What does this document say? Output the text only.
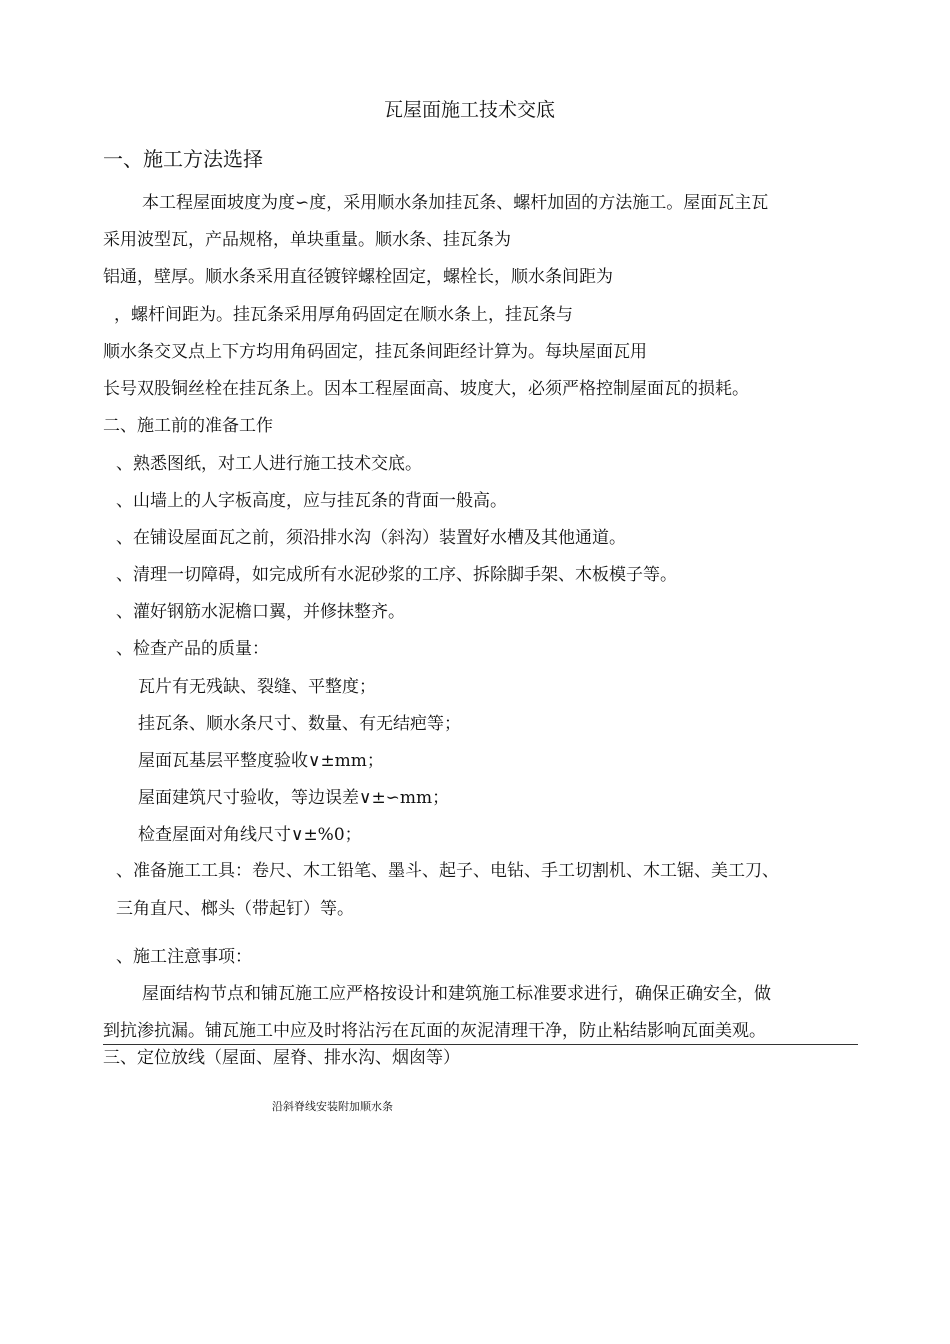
瓦屋面施工技术交底
一、施工方法选择
本工程屋面坡度为度∽度，采用顺水条加挂瓦条、螺杆加固的方法施工。屋面瓦主瓦
采用波型瓦，产品规格，单块重量。顺水条、挂瓦条为
铝通，壁厚。顺水条采用直径镀锌螺栓固定，螺栓长，顺水条间距为
，螺杆间距为。挂瓦条采用厚角码固定在顺水条上，挂瓦条与
顺水条交叉点上下方均用角码固定，挂瓦条间距经计算为。每块屋面瓦用
长号双股铜丝栓在挂瓦条上。因本工程屋面高、坡度大，必须严格控制屋面瓦的损耗。
二、施工前的准备工作
、熟悉图纸，对工人进行施工技术交底。
、山墙上的人字板高度，应与挂瓦条的背面一般高。
、在铺设屋面瓦之前，须沿排水沟（斜沟）装置好水槽及其他通道。
、清理一切障碍，如完成所有水泥砂浆的工序、拆除脚手架、木板模子等。
、灌好钢筋水泥檐口翼，并修抹整齐。
、检查产品的质量：
瓦片有无残缺、裂缝、平整度；
挂瓦条、顺水条尺寸、数量、有无结疤等；
屋面瓦基层平整度验收∨±mm；
屋面建筑尺寸验收，等边误差∨±∽mm；
检查屋面对角线尺寸∨±%0；
、准备施工工具：卷尺、木工铅笔、墨斗、起子、电钻、手工切割机、木工锯、美工刀、
三角直尺、榔头（带起钉）等。
、施工注意事项：
屋面结构节点和铺瓦施工应严格按设计和建筑施工标准要求进行，确保正确安全，做
到抗渗抗漏。铺瓦施工中应及时将沾污在瓦面的灰泥清理干净，防止粘结影响瓦面美观。
三、定位放线（屋面、屋脊、排水沟、烟囱等）
沿斜脊线安装附加顺水条
